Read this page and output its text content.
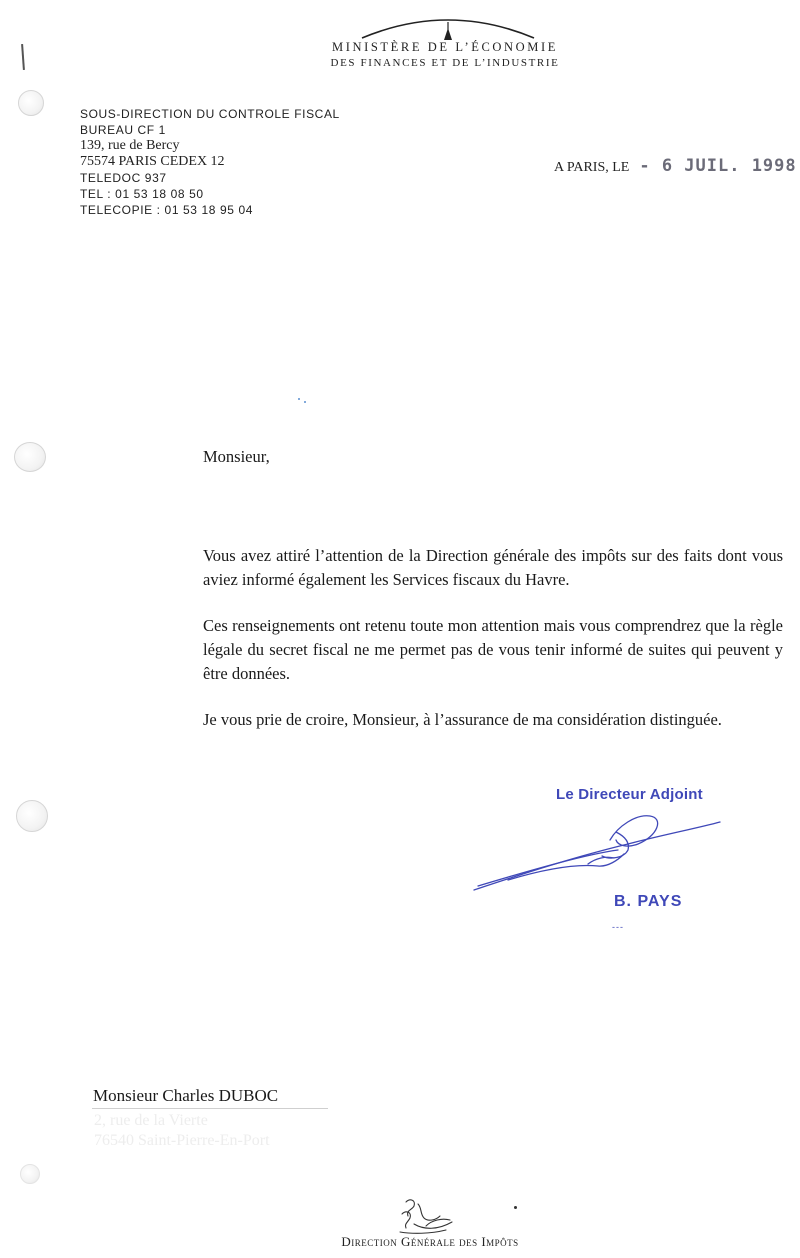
MINISTÈRE DE L’ÉCONOMIE
DES FINANCES ET DE L’INDUSTRIE
SOUS-DIRECTION DU CONTROLE FISCAL
BUREAU CF 1
139, rue de Bercy
75574 PARIS CEDEX 12
TELEDOC 937
TEL : 01 53 18 08 50
TELECOPIE : 01 53 18 95 04
A PARIS, LE - 6 JUIL. 1998
Monsieur,
Vous avez attiré l’attention de la Direction générale des impôts sur des faits dont vous aviez informé également les Services fiscaux du Havre.
Ces renseignements ont retenu toute mon attention mais vous comprendrez que la règle légale du secret fiscal ne me permet pas de vous tenir informé de suites qui peuvent y être données.
Je vous prie de croire, Monsieur, à l’assurance de ma considération distinguée.
Le Directeur Adjoint
B. PAYS
---
Monsieur Charles DUBOC
2, rue de la Vierte
76540 Saint-Pierre-En-Port
Direction Générale des Impôts
